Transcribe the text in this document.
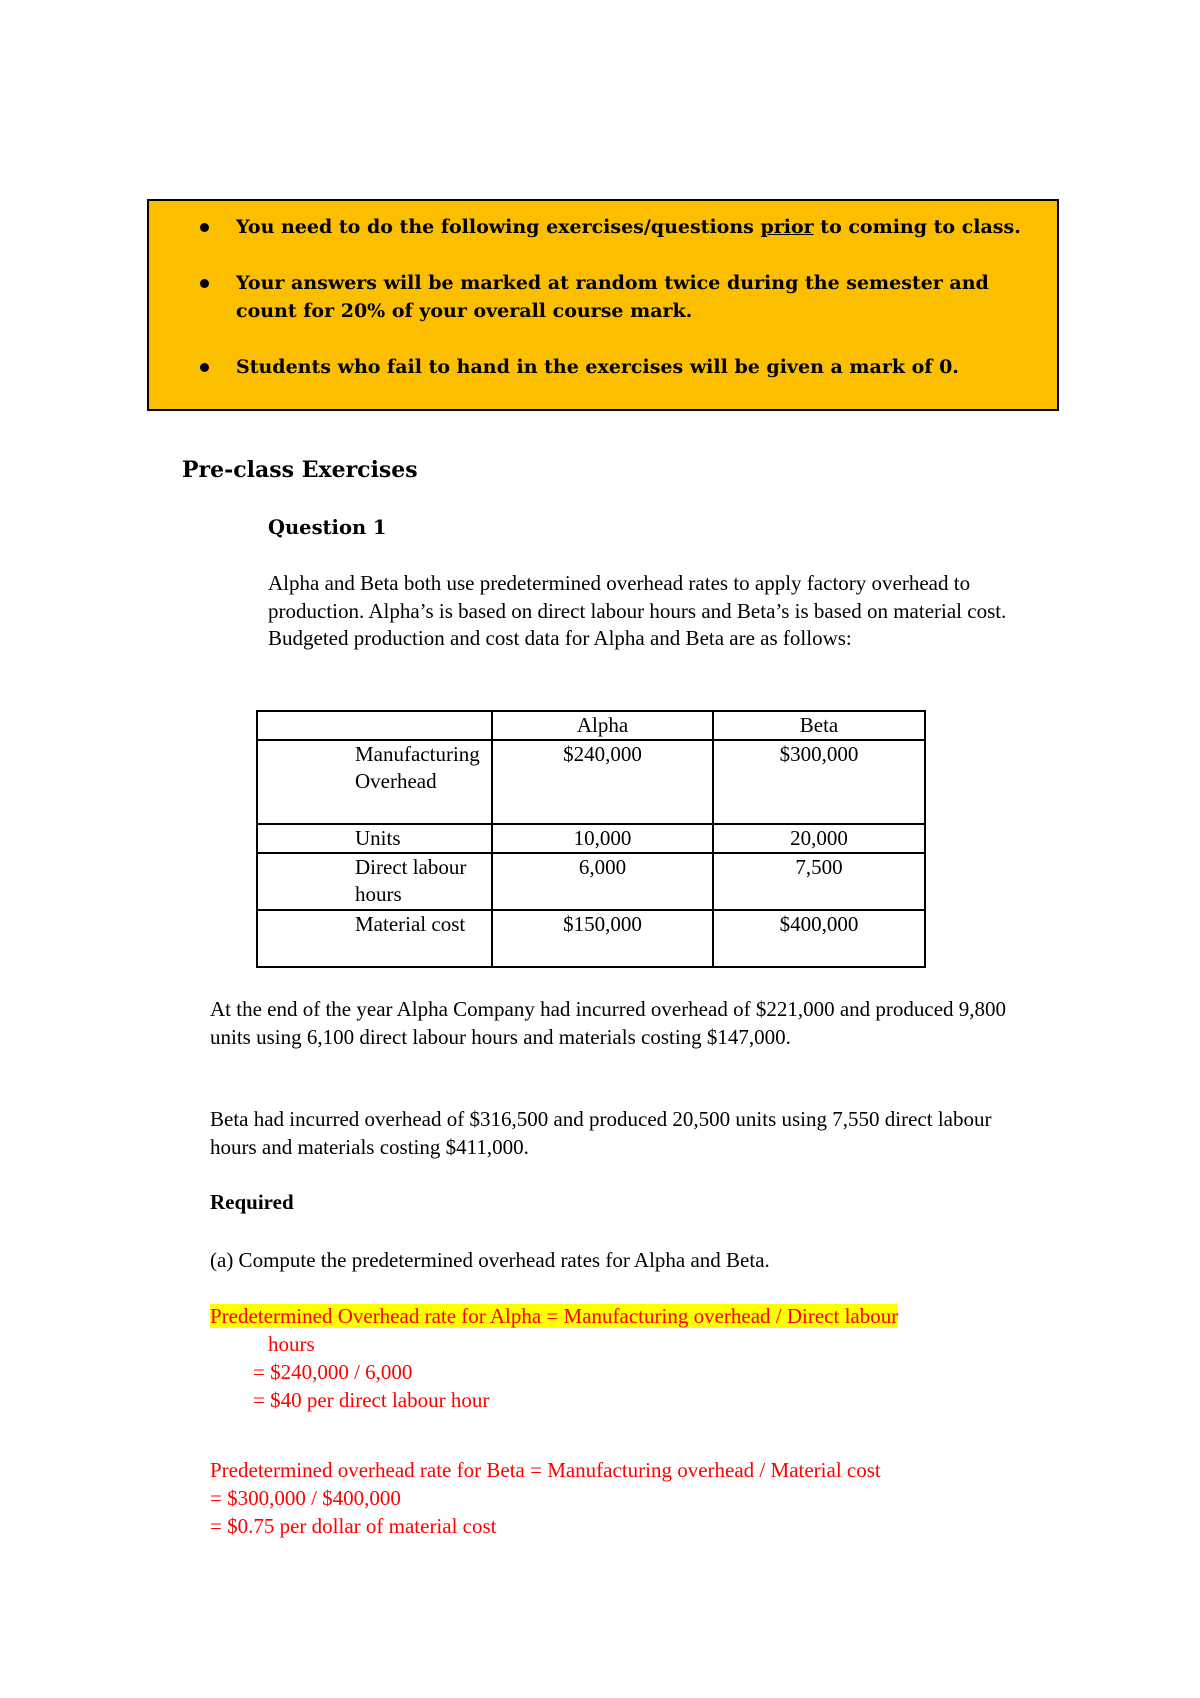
You need to do the following exercises/questions prior to coming to class.
Your answers will be marked at random twice during the semester and count for 20% of your overall course mark.
Students who fail to hand in the exercises will be given a mark of 0.
Pre-class Exercises
Question 1
Alpha and Beta both use predetermined overhead rates to apply factory overhead to production. Alpha’s is based on direct labour hours and Beta’s is based on material cost. Budgeted production and cost data for Alpha and Beta are as follows:
	Alpha	Beta
Manufacturing Overhead	$240,000	$300,000
Units	10,000	20,000
Direct labour hours	6,000	7,500
Material cost	$150,000	$400,000
At the end of the year Alpha Company had incurred overhead of $221,000 and produced 9,800 units using 6,100 direct labour hours and materials costing $147,000.
Beta had incurred overhead of $316,500 and produced 20,500 units using 7,550 direct labour hours and materials costing $411,000.
Required
(a) Compute the predetermined overhead rates for Alpha and Beta.
Predetermined Overhead rate for Alpha = Manufacturing overhead / Direct labour
hours
= $240,000 / 6,000
= $40 per direct labour hour
Predetermined overhead rate for Beta = Manufacturing overhead / Material cost
= $300,000 / $400,000
= $0.75 per dollar of material cost
